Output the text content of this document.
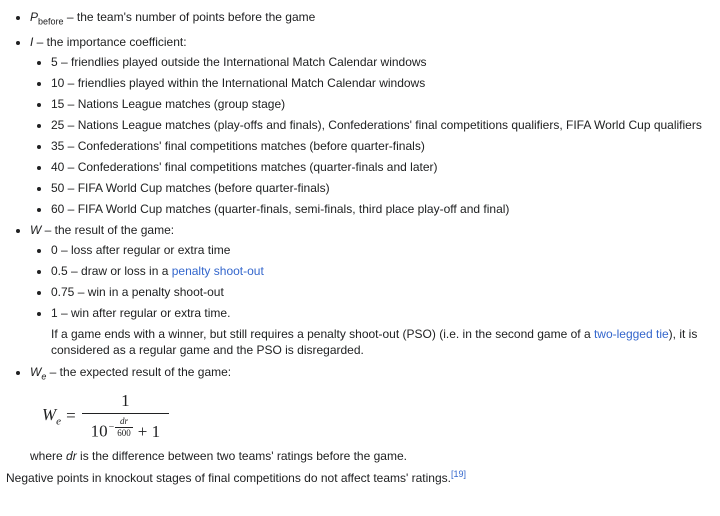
• $P_{before}$ – the team's number of points before the game
• I – the importance coefficient:
• 5 – friendlies played outside the International Match Calendar windows
• 10 – friendlies played within the International Match Calendar windows
• 15 – Nations League matches (group stage)
• 25 – Nations League matches (play-offs and finals), Confederations' final competitions qualifiers, FIFA World Cup qualifiers
• 35 – Confederations' final competitions matches (before quarter-finals)
• 40 – Confederations' final competitions matches (quarter-finals and later)
• 50 – FIFA World Cup matches (before quarter-finals)
• 60 – FIFA World Cup matches (quarter-finals, semi-finals, third place play-off and final)
• W – the result of the game:
• 0 – loss after regular or extra time
• 0.5 – draw or loss in a penalty shoot-out
• 0.75 – win in a penalty shoot-out
• 1 – win after regular or extra time.
If a game ends with a winner, but still requires a penalty shoot-out (PSO) (i.e. in the second game of a two-legged tie), it is considered as a regular game and the PSO is disregarded.
• $W_e$ – the expected result of the game:
$W_e = \frac{1}{10 - \frac{dr}{600} + 1}$
where dr is the difference between two teams' ratings before the game.

Negative points in knockout stages of final competitions do not affect teams' ratings.[19]
